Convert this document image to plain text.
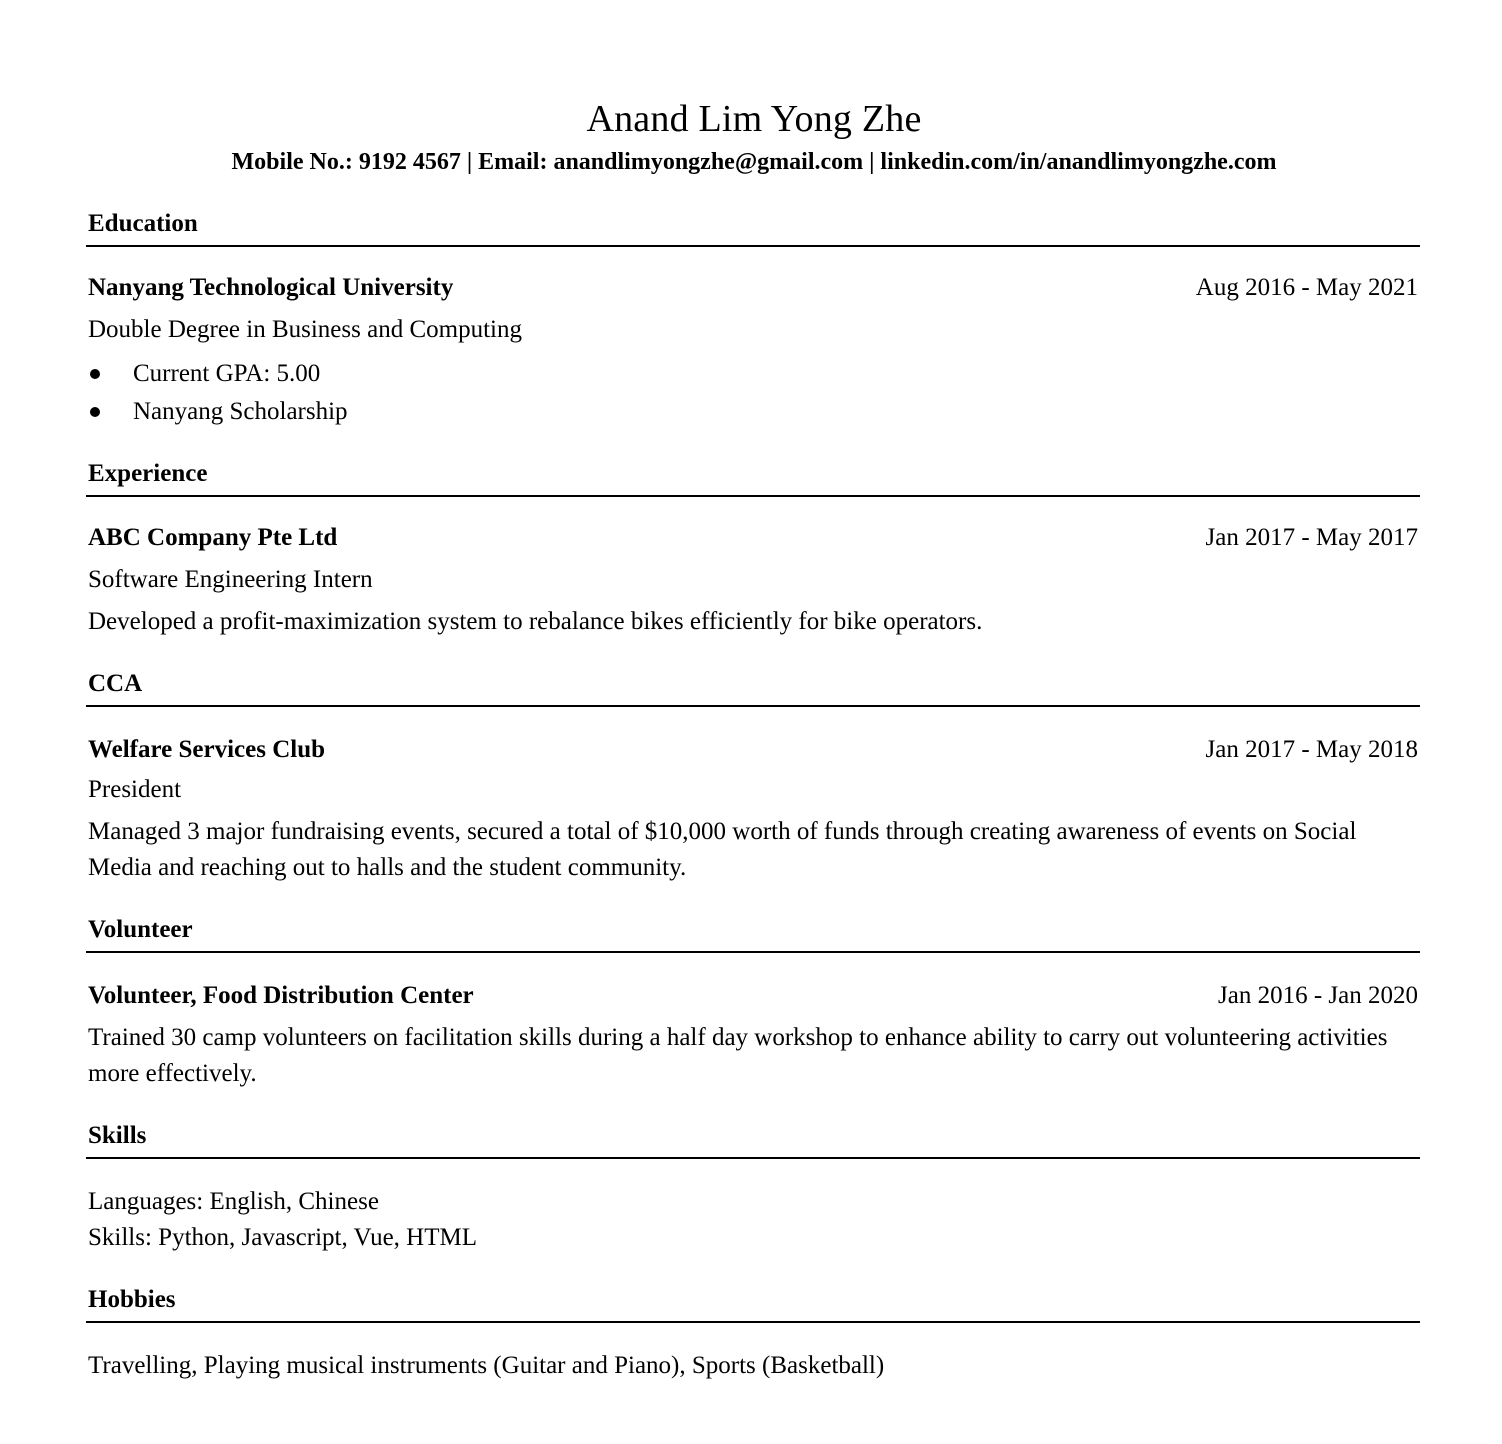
Anand Lim Yong Zhe
Mobile No.: 9192 4567 | Email: anandlimyongzhe@gmail.com | linkedin.com/in/anandlimyongzhe.com
Education
Nanyang Technological University	Aug 2016 - May 2021
Double Degree in Business and Computing
Current GPA: 5.00
Nanyang Scholarship
Experience
ABC Company Pte Ltd	Jan 2017 - May 2017
Software Engineering Intern
Developed a profit-maximization system to rebalance bikes efficiently for bike operators.
CCA
Welfare Services Club	Jan 2017 - May 2018
President
Managed 3 major fundraising events, secured a total of $10,000 worth of funds through creating awareness of events on Social Media and reaching out to halls and the student community.
Volunteer
Volunteer, Food Distribution Center	Jan 2016 - Jan 2020
Trained 30 camp volunteers on facilitation skills during a half day workshop to enhance ability to carry out volunteering activities more effectively.
Skills
Languages: English, Chinese
Skills: Python, Javascript, Vue, HTML
Hobbies
Travelling, Playing musical instruments (Guitar and Piano), Sports (Basketball)
